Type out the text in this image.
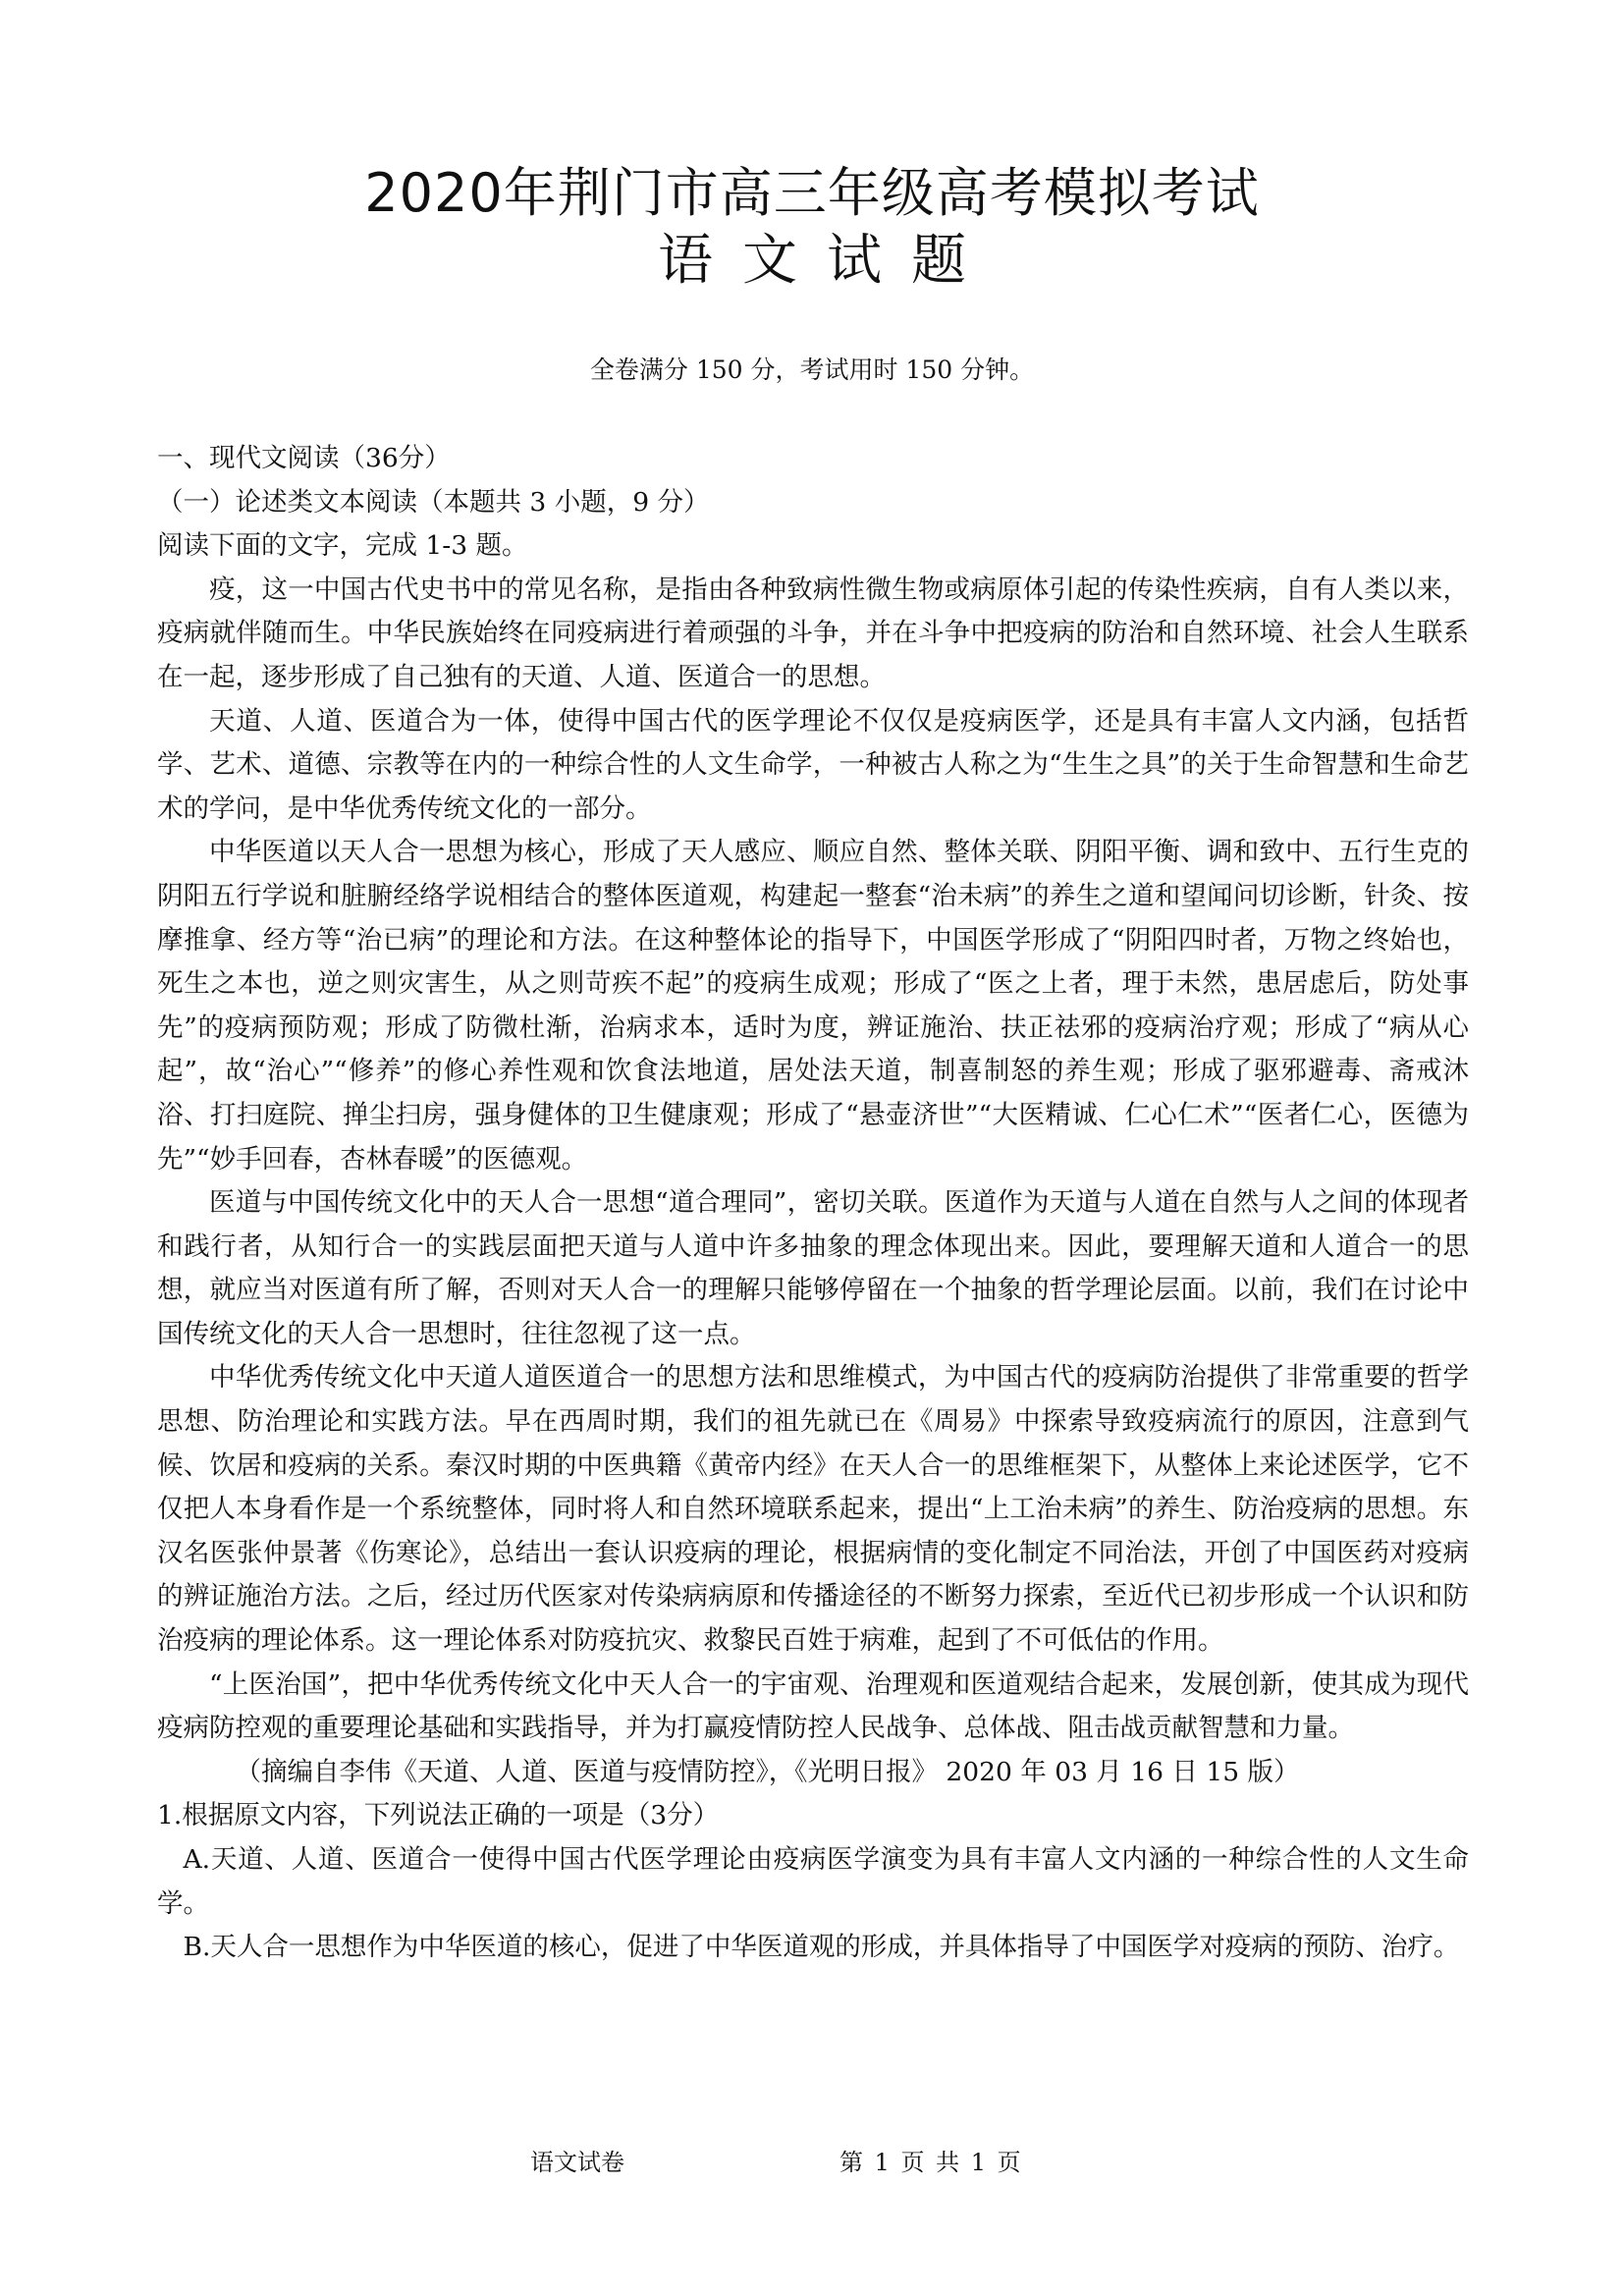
2020年荆门市高三年级高考模拟考试
语文试题

全卷满分 150 分，考试用时 150 分钟。

一、现代文阅读（36分）

（一）论述类文本阅读（本题共 3 小题，9 分）

阅读下面的文字，完成 1-3 题。

疫，这一中国古代史书中的常见名称，是指由各种致病性微生物或病原体引起的传染性疾病，自有人类以来，疫病就伴随而生。中华民族始终在同疫病进行着顽强的斗争，并在斗争中把疫病的防治和自然环境、社会人生联系在一起，逐步形成了自己独有的天道、人道、医道合一的思想。

天道、人道、医道合为一体，使得中国古代的医学理论不仅仅是疫病医学，还是具有丰富人文内涵，包括哲学、艺术、道德、宗教等在内的一种综合性的人文生命学，一种被古人称之为“生生之具”的关于生命智慧和生命艺术的学问，是中华优秀传统文化的一部分。

中华医道以天人合一思想为核心，形成了天人感应、顺应自然、整体关联、阴阳平衡、调和致中、五行生克的阴阳五行学说和脏腑经络学说相结合的整体医道观，构建起一整套“治未病”的养生之道和望闻问切诊断，针灸、按摩推拿、经方等“治已病”的理论和方法。在这种整体论的指导下，中国医学形成了“阴阳四时者，万物之终始也，死生之本也，逆之则灾害生，从之则苛疾不起”的疫病生成观；形成了“医之上者，理于未然，患居虑后，防处事先”的疫病预防观；形成了防微杜渐，治病求本，适时为度，辨证施治、扶正祛邪的疫病治疗观；形成了“病从心起”，故“治心”“修养”的修心养性观和饮食法地道，居处法天道，制喜制怒的养生观；形成了驱邪避毒、斋戒沐浴、打扫庭院、掸尘扫房，强身健体的卫生健康观；形成了“悬壶济世”“大医精诚、仁心仁术”“医者仁心，医德为先”“妙手回春，杏林春暖”的医德观。

医道与中国传统文化中的天人合一思想“道合理同”，密切关联。医道作为天道与人道在自然与人之间的体现者和践行者，从知行合一的实践层面把天道与人道中许多抽象的理念体现出来。因此，要理解天道和人道合一的思想，就应当对医道有所了解，否则对天人合一的理解只能够停留在一个抽象的哲学理论层面。以前，我们在讨论中国传统文化的天人合一思想时，往往忽视了这一点。

中华优秀传统文化中天道人道医道合一的思想方法和思维模式，为中国古代的疫病防治提供了非常重要的哲学思想、防治理论和实践方法。早在西周时期，我们的祖先就已在《周易》中探索导致疫病流行的原因，注意到气候、饮居和疫病的关系。秦汉时期的中医典籍《黄帝内经》在天人合一的思维框架下，从整体上来论述医学，它不仅把人本身看作是一个系统整体，同时将人和自然环境联系起来，提出“上工治未病”的养生、防治疫病的思想。东汉名医张仲景著《伤寒论》，总结出一套认识疫病的理论，根据病情的变化制定不同治法，开创了中国医药对疫病的辨证施治方法。之后，经过历代医家对传染病病原和传播途径的不断努力探索，至近代已初步形成一个认识和防治疫病的理论体系。这一理论体系对防疫抗灾、救黎民百姓于病难，起到了不可低估的作用。

“上医治国”，把中华优秀传统文化中天人合一的宇宙观、治理观和医道观结合起来，发展创新，使其成为现代疫病防控观的重要理论基础和实践指导，并为打赢疫情防控人民战争、总体战、阻击战贡献智慧和力量。

（摘编自李伟《天道、人道、医道与疫情防控》，《光明日报》 2020 年 03 月 16 日 15 版）

1.根据原文内容，下列说法正确的一项是（3分）

A.天道、人道、医道合一使得中国古代医学理论由疫病医学演变为具有丰富人文内涵的一种综合性的人文生命学。

B.天人合一思想作为中华医道的核心，促进了中华医道观的形成，并具体指导了中国医学对疫病的预防、治疗。

语文试卷	第 1 页 共 1 页
